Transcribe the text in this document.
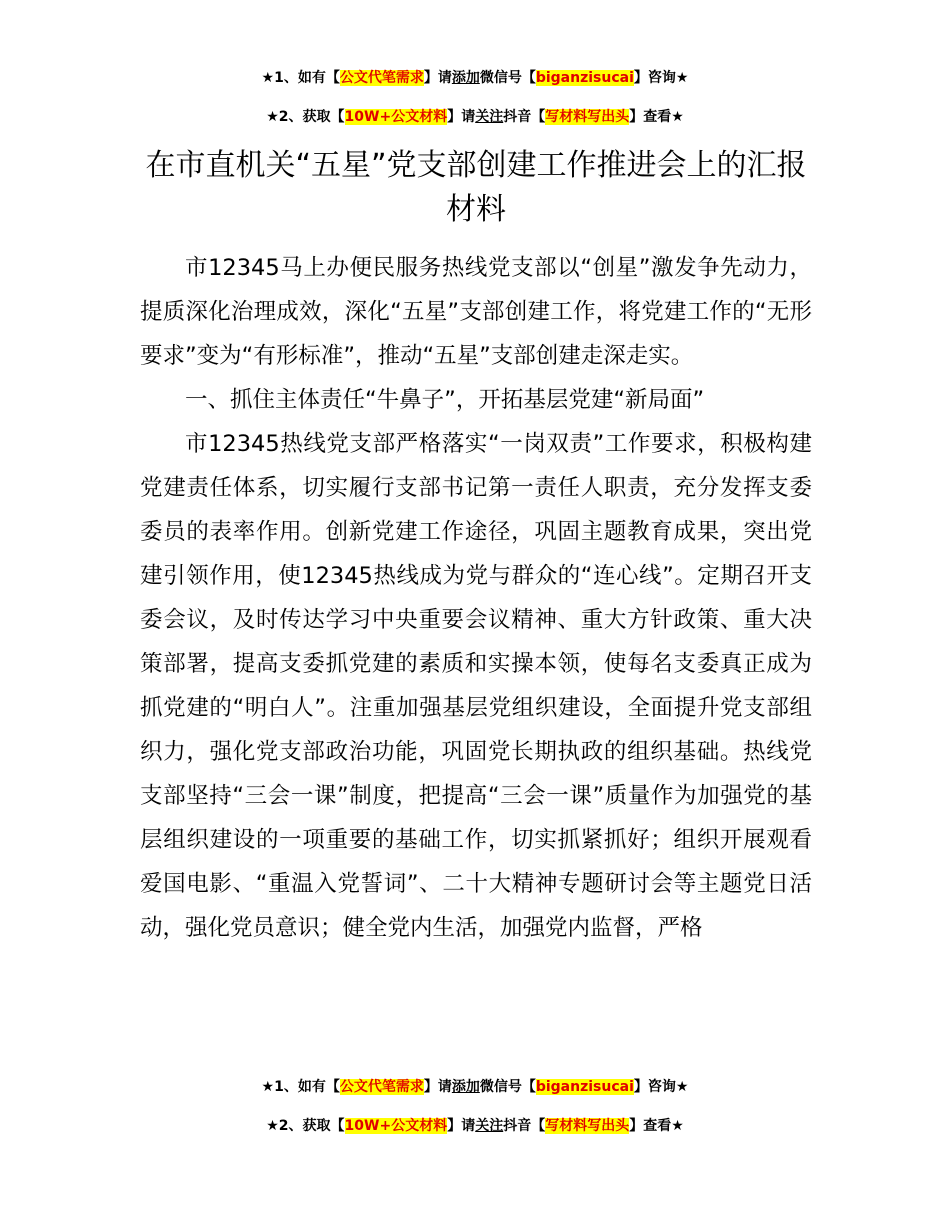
★1、如有【公文代笔需求】请添加微信号【biganzisucai】咨询★
★2、获取【10W+公文材料】请关注抖音【写材料写出头】查看★
在市直机关“五星”党支部创建工作推进会上的汇报材料

市12345马上办便民服务热线党支部以“创星”激发争先动力，提质深化治理成效，深化“五星”支部创建工作，将党建工作的“无形要求”变为“有形标准”，推动“五星”支部创建走深走实。

一、抓住主体责任“牛鼻子”，开拓基层党建“新局面”

市12345热线党支部严格落实“一岗双责”工作要求，积极构建党建责任体系，切实履行支部书记第一责任人职责，充分发挥支委委员的表率作用。创新党建工作途径，巩固主题教育成果，突出党建引领作用，使12345热线成为党与群众的“连心线”。定期召开支委会议，及时传达学习中央重要会议精神、重大方针政策、重大决策部署，提高支委抓党建的素质和实操本领，使每名支委真正成为抓党建的“明白人”。注重加强基层党组织建设，全面提升党支部组织力，强化党支部政治功能，巩固党长期执政的组织基础。热线党支部坚持“三会一课”制度，把提高“三会一课”质量作为加强党的基层组织建设的一项重要的基础工作，切实抓紧抓好；组织开展观看爱国电影、“重温入党誓词”、二十大精神专题研讨会等主题党日活动，强化党员意识；健全党内生活，加强党内监督，严格

★1、如有【公文代笔需求】请添加微信号【biganzisucai】咨询★
★2、获取【10W+公文材料】请关注抖音【写材料写出头】查看★
